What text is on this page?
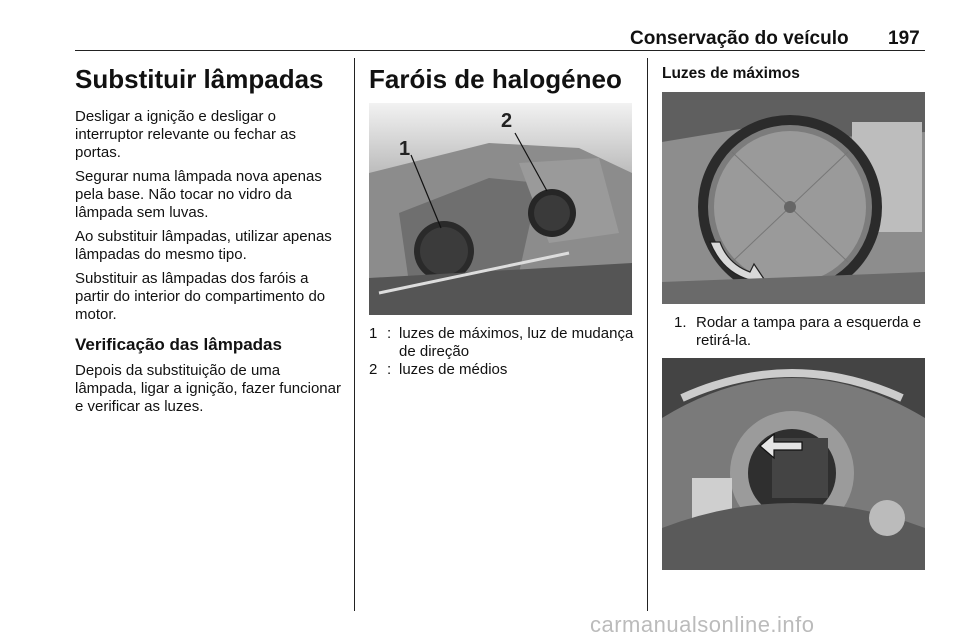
Conservação do veículo 197
Substituir lâmpadas

Desligar a ignição e desligar o interruptor relevante ou fechar as portas.

Segurar numa lâmpada nova apenas pela base. Não tocar no vidro da lâmpada sem luvas.

Ao substituir lâmpadas, utilizar apenas lâmpadas do mesmo tipo.

Substituir as lâmpadas dos faróis a partir do interior do compartimento do motor.

Verificação das lâmpadas

Depois da substituição de uma lâmpada, ligar a ignição, fazer funcionar e verificar as luzes.

Faróis de halogéneo
1
2
1 : luzes de máximos, luz de mudança de direção
2 : luzes de médios
Luzes de máximos
1. Rodar a tampa para a esquerda e retirá-la.
carmanualsonline.info
